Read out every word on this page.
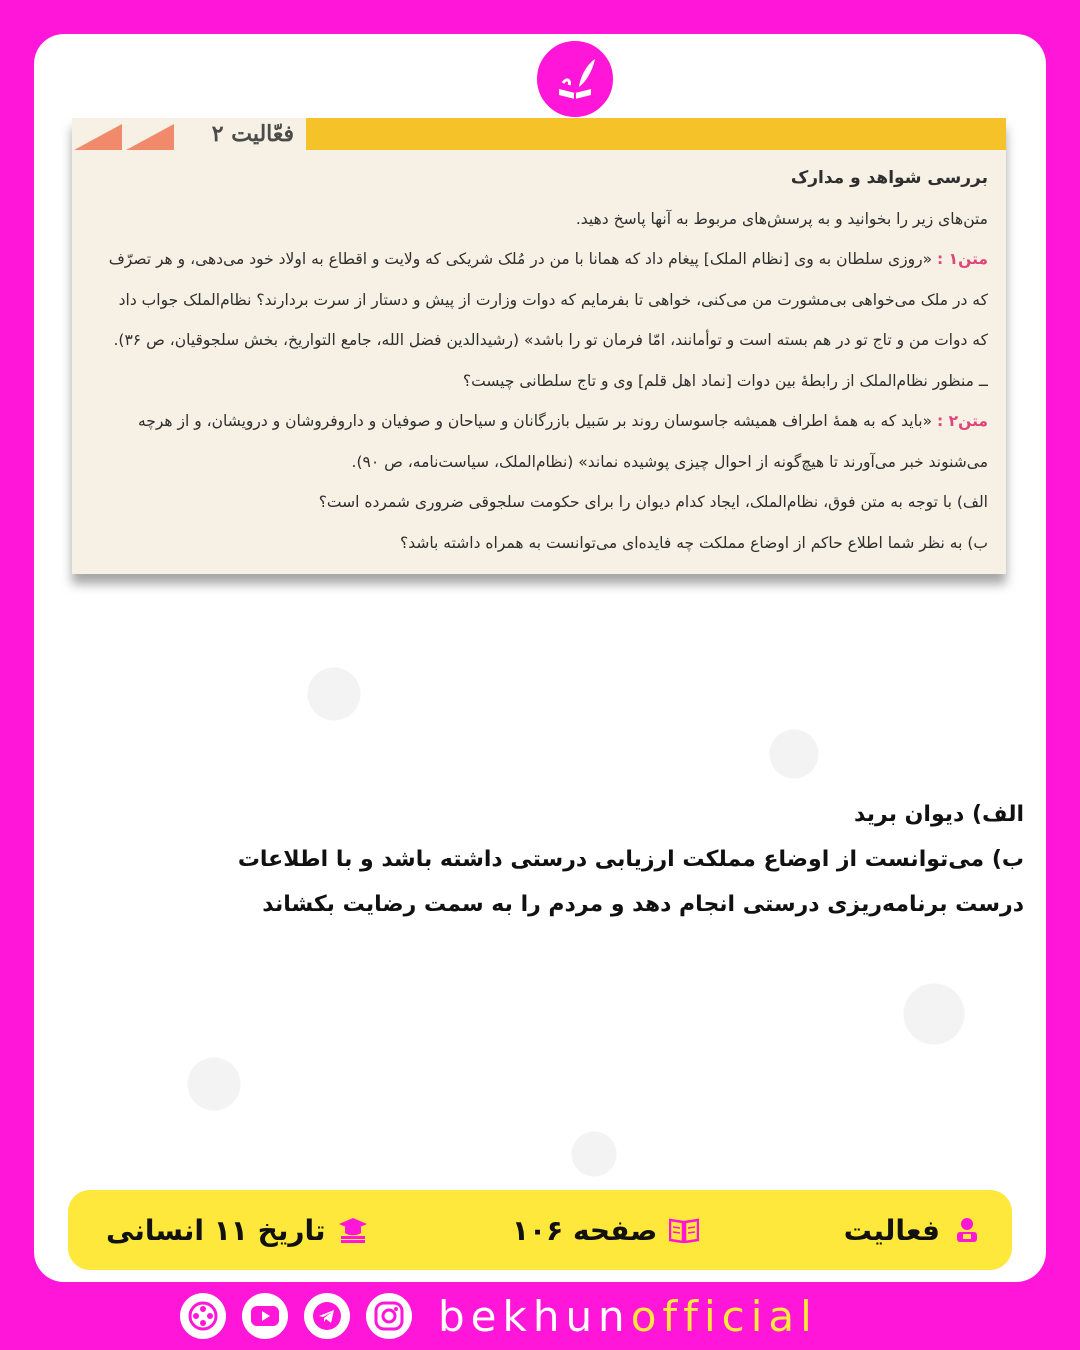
فعّالیت ۲
بررسی شواهد و مدارک
متن‌های زیر را بخوانید و به پرسش‌های مربوط به آنها پاسخ دهید.
متن۱ : «روزی سلطان به وی [نظام الملک] پیغام داد که همانا با من در مُلک شریکی که ولایت و اقطاع به اولاد خود می‌دهی، و هر تصرّف
که در ملک می‌خواهی بی‌مشورت من می‌کنی، خواهی تا بفرمایم که دوات وزارت از پیش و دستار از سرت بردارند؟ نظام‌الملک جواب داد
که دوات من و تاج تو در هم بسته است و توأمانند، امّا فرمان تو را باشد» (رشیدالدین فضل الله، جامع التواریخ، بخش سلجوقیان، ص ۳۶).
ــ منظور نظام‌الملک از رابطهٔ بین دوات [نماد اهل قلم] وی و تاج سلطانی چیست؟
متن۲ : «باید که به همهٔ اطراف همیشه جاسوسان روند بر سَبیل بازرگانان و سیاحان و صوفیان و داروفروشان و درویشان، و از هرچه
می‌شنوند خبر می‌آورند تا هیچ‌گونه از احوال چیزی پوشیده نماند» (نظام‌الملک، سیاست‌نامه، ص ۹۰).
الف) با توجه به متن فوق، نظام‌الملک، ایجاد کدام دیوان را برای حکومت سلجوقی ضروری شمرده است؟
ب) به نظر شما اطلاع حاکم از اوضاع مملکت چه فایده‌ای می‌توانست به همراه داشته باشد؟
الف) دیوان برید
ب) می‌توانست از اوضاع مملکت ارزیابی درستی داشته باشد و با اطلاعات
درست برنامه‌ریزی درستی انجام دهد و مردم را به سمت رضایت بکشاند
فعالیت
صفحه ۱۰۶
تاریخ ۱۱ انسانی
bekhunofficial
